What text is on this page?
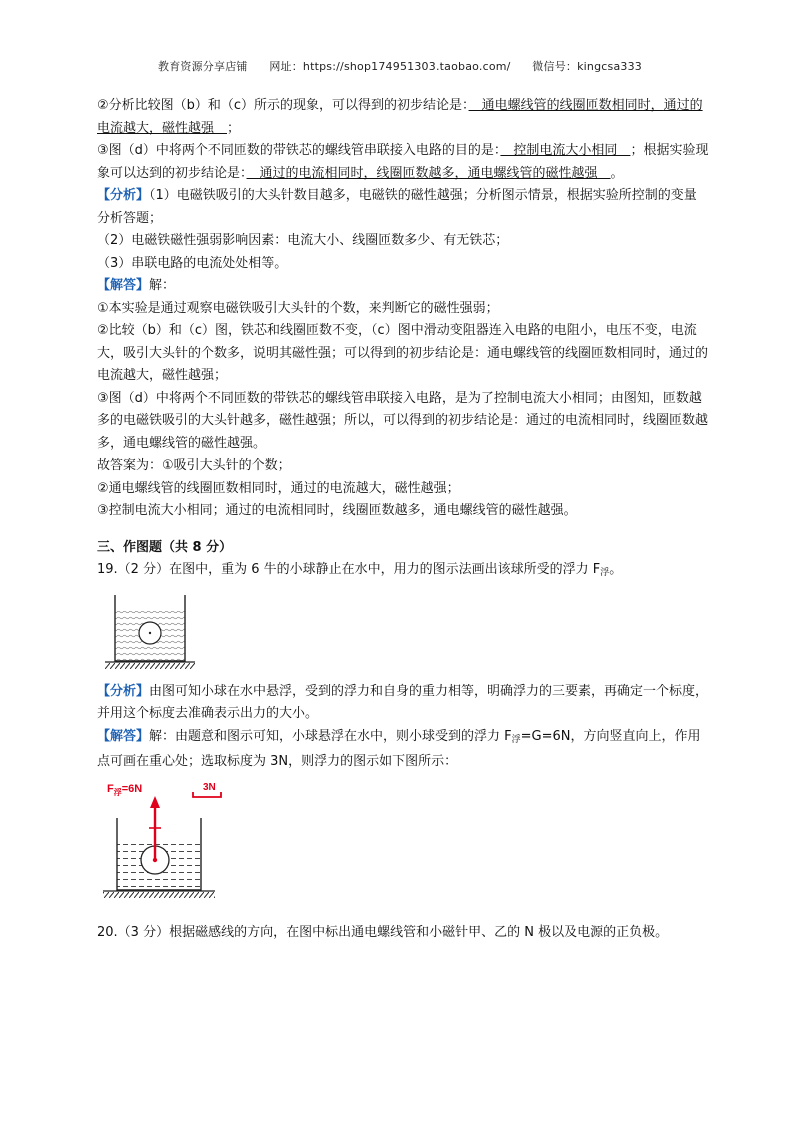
教育资源分享店铺 网址：https://shop174951303.taobao.com/ 微信号：kingcsa333

②分析比较图（b）和（c）所示的现象，可以得到的初步结论是：　通电螺线管的线圈匝数相同时，通过的电流越大，磁性越强　；

③图（d）中将两个不同匝数的带铁芯的螺线管串联接入电路的目的是：　控制电流大小相同　；根据实验现象可以达到的初步结论是：　通过的电流相同时，线圈匝数越多，通电螺线管的磁性越强　。

【分析】（1）电磁铁吸引的大头针数目越多，电磁铁的磁性越强；分析图示情景，根据实验所控制的变量分析答题；

（2）电磁铁磁性强弱影响因素：电流大小、线圈匝数多少、有无铁芯；

（3）串联电路的电流处处相等。

【解答】解：

①本实验是通过观察电磁铁吸引大头针的个数，来判断它的磁性强弱；

②比较（b）和（c）图，铁芯和线圈匝数不变，（c）图中滑动变阻器连入电路的电阻小，电压不变，电流大，吸引大头针的个数多，说明其磁性强；可以得到的初步结论是：通电螺线管的线圈匝数相同时，通过的电流越大，磁性越强；

③图（d）中将两个不同匝数的带铁芯的螺线管串联接入电路，是为了控制电流大小相同；由图知，匝数越多的电磁铁吸引的大头针越多，磁性越强；所以，可以得到的初步结论是：通过的电流相同时，线圈匝数越多，通电螺线管的磁性越强。

故答案为：①吸引大头针的个数；

②通电螺线管的线圈匝数相同时，通过的电流越大，磁性越强；

③控制电流大小相同；通过的电流相同时，线圈匝数越多，通电螺线管的磁性越强。

三、作图题（共 8 分）

19.（2 分）在图中，重为 6 牛的小球静止在水中，用力的图示法画出该球所受的浮力 $F_浮$。

【分析】由图可知小球在水中悬浮，受到的浮力和自身的重力相等，明确浮力的三要素，再确定一个标度，并用这个标度去准确表示出力的大小。

【解答】解：由题意和图示可知，小球悬浮在水中，则小球受到的浮力 $F_浮=G=6N$，方向竖直向上，作用点可画在重心处；选取标度为 3N，则浮力的图示如下图所示：

$F_浮=6N$	3N

20.（3 分）根据磁感线的方向，在图中标出通电螺线管和小磁针甲、乙的 N 极以及电源的正负极。
